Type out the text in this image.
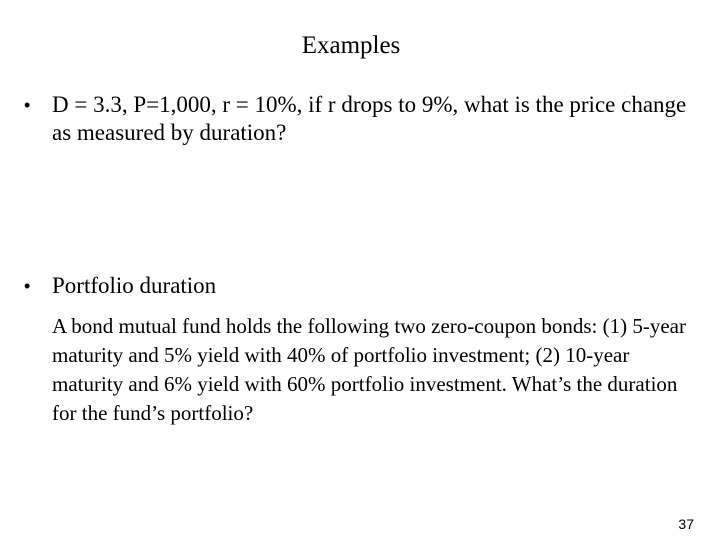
Examples
• D = 3.3, P=1,000, r = 10%, if r drops to 9%, what is the price change as measured by duration?
• Portfolio duration
A bond mutual fund holds the following two zero-coupon bonds: (1) 5-year maturity and 5% yield with 40% of portfolio investment; (2) 10-year maturity and 6% yield with 60% portfolio investment. What’s the duration for the fund’s portfolio?
37
